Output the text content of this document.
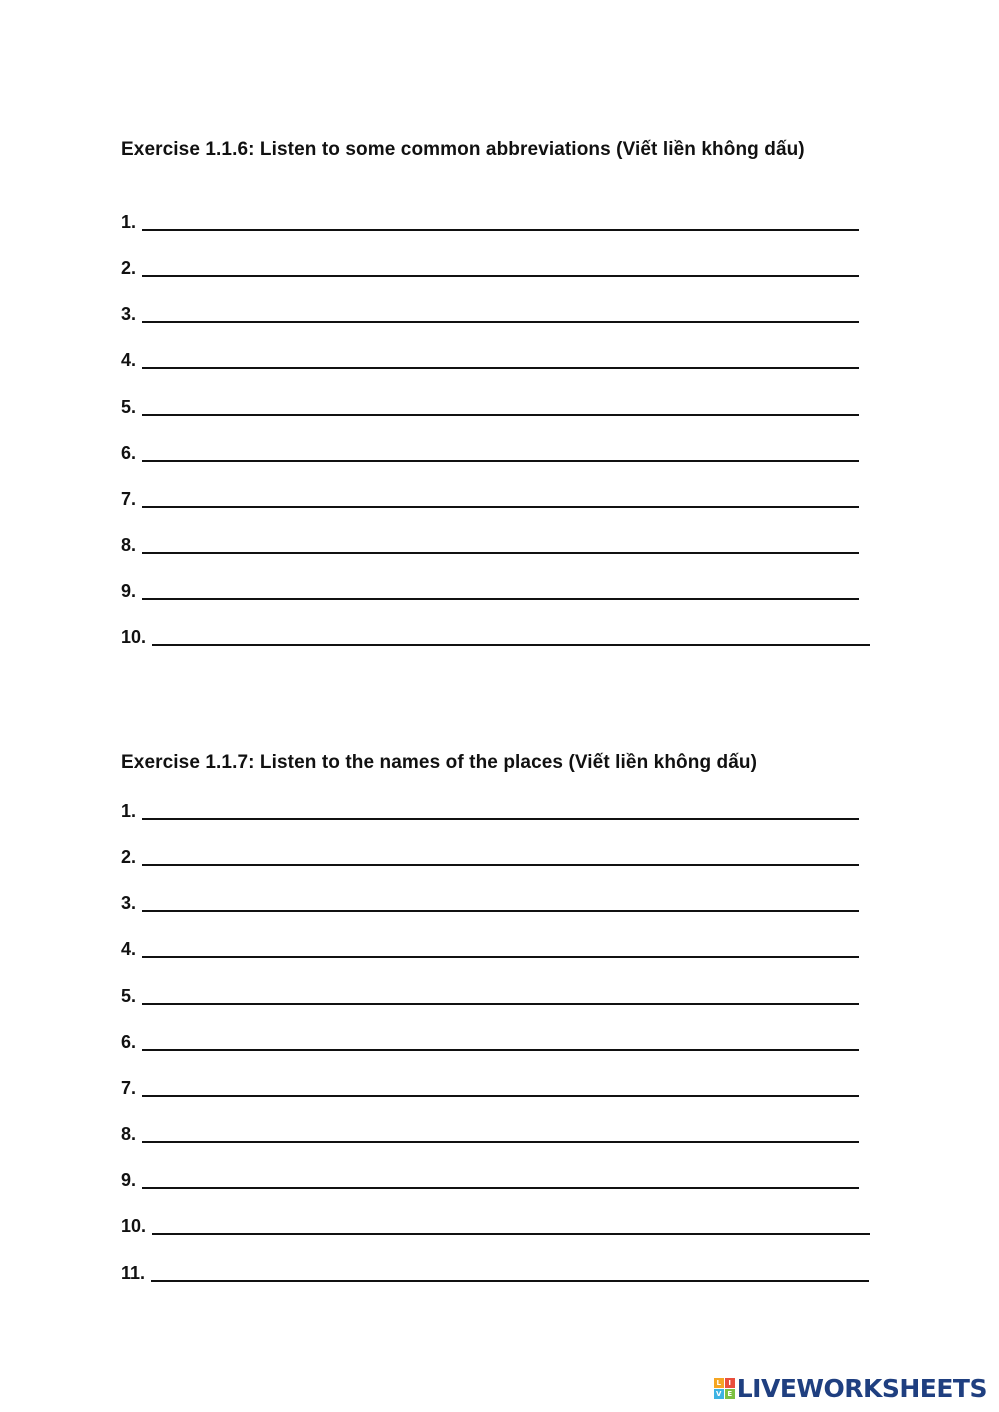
Exercise 1.1.6: Listen to some common abbreviations (Viết liền không dấu)
1.
2.
3.
4.
5.
6.
7.
8.
9.
10.
Exercise 1.1.7: Listen to the names of the places (Viết liền không dấu)
1.
2.
3.
4.
5.
6.
7.
8.
9.
10.
11.
L	I
V E LIVEWORKSHEETS
